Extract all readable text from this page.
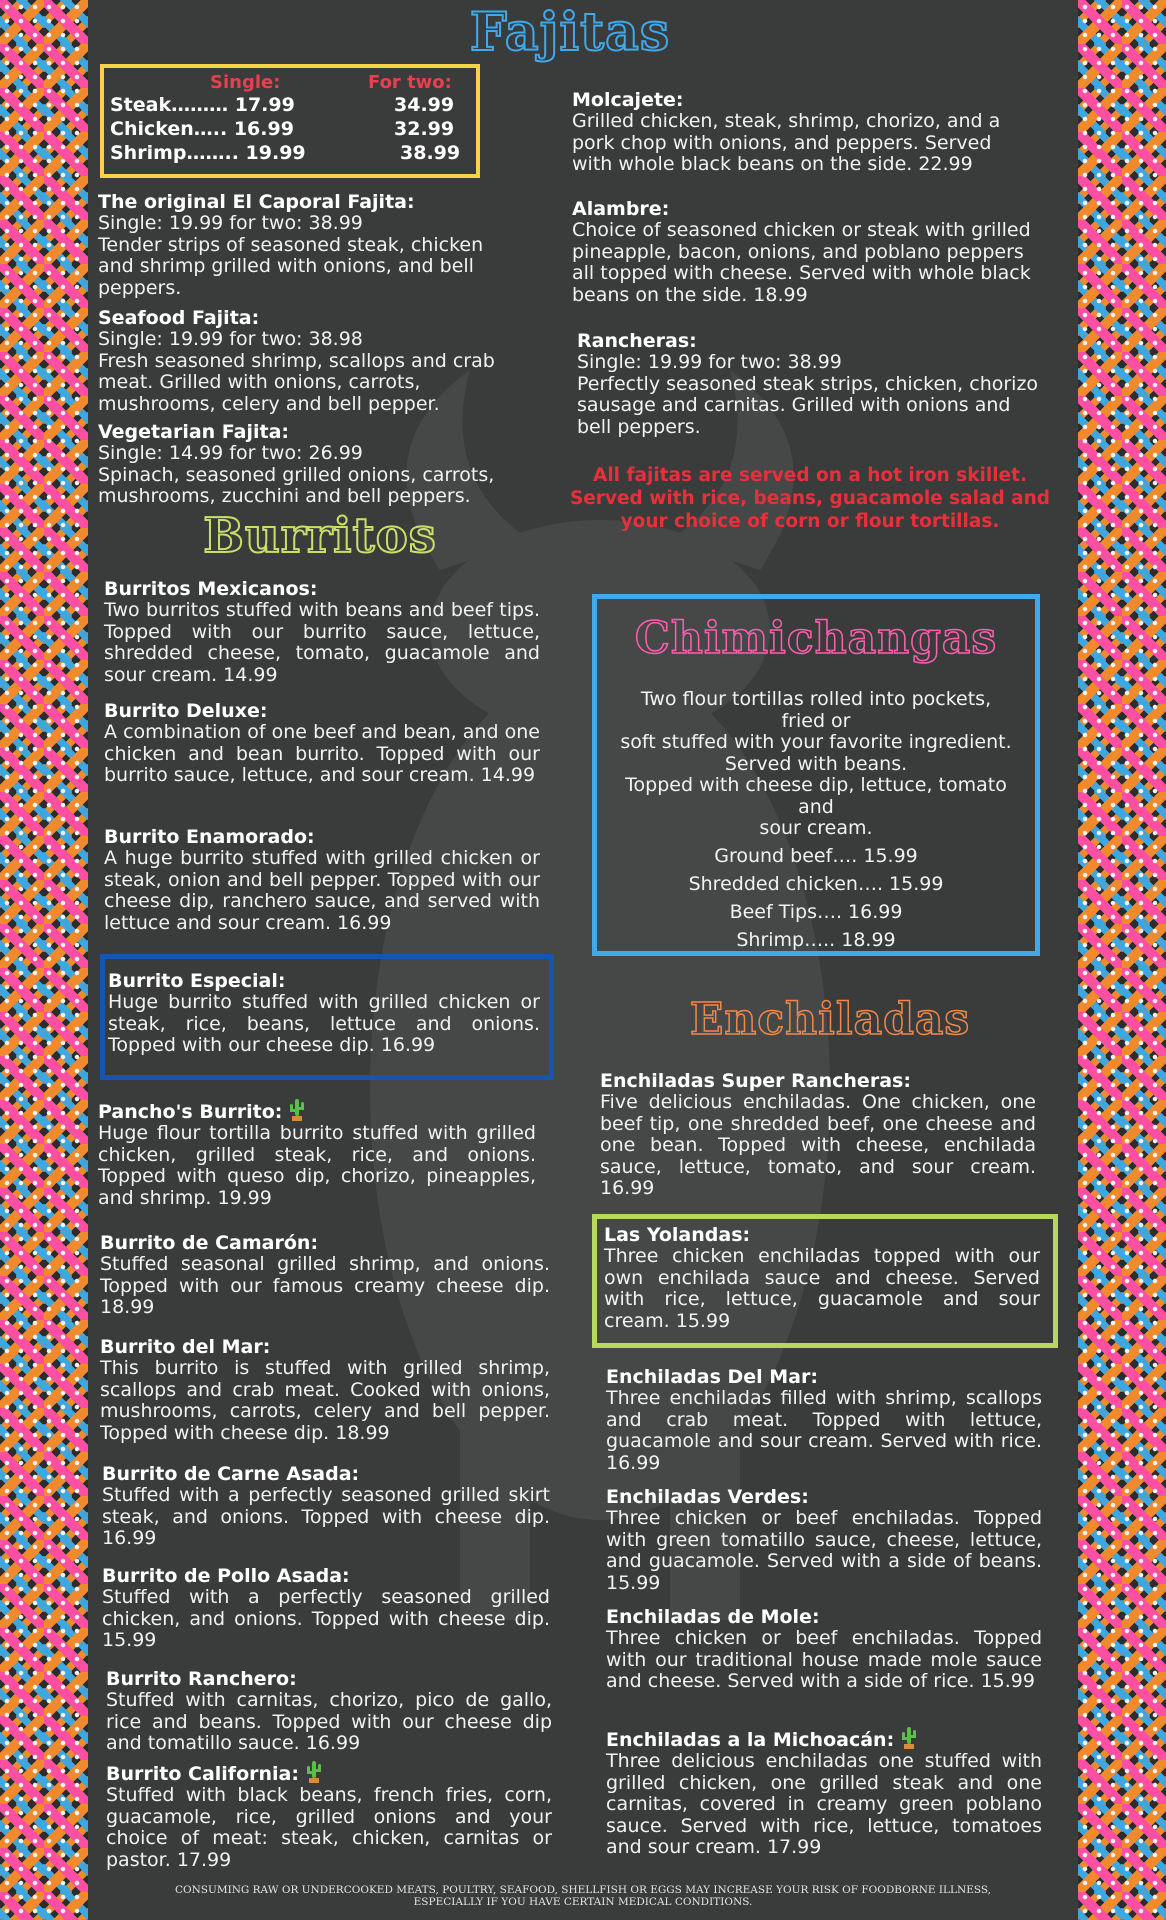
Fajitas
Single:	For two:
Steak……… 17.99	34.99
Chicken….. 16.99	32.99
Shrimp…….. 19.99	38.99
The original El Caporal Fajita:
Single: 19.99 for two: 38.99
Tender strips of seasoned steak, chicken
and shrimp grilled with onions, and bell
peppers.
Seafood Fajita:
Single: 19.99 for two: 38.98
Fresh seasoned shrimp, scallops and crab
meat. Grilled with onions, carrots,
mushrooms, celery and bell pepper.
Vegetarian Fajita:
Single: 14.99 for two: 26.99
Spinach, seasoned grilled onions, carrots,
mushrooms, zucchini and bell peppers.
Molcajete:
Grilled chicken, steak, shrimp, chorizo, and a
pork chop with onions, and peppers. Served
with whole black beans on the side. 22.99
Alambre:
Choice of seasoned chicken or steak with grilled
pineapple, bacon, onions, and poblano peppers
all topped with cheese. Served with whole black
beans on the side. 18.99
Rancheras:
Single: 19.99 for two: 38.99
Perfectly seasoned steak strips, chicken, chorizo
sausage and carnitas. Grilled with onions and
bell peppers.
All fajitas are served on a hot iron skillet.
Served with rice, beans, guacamole salad and
your choice of corn or flour tortillas.
Burritos
Burritos Mexicanos:
Two burritos stuffed with beans and beef tips. Topped with our burrito sauce, lettuce, shredded cheese, tomato, guacamole and sour cream. 14.99
Burrito Deluxe:
A combination of one beef and bean, and one chicken and bean burrito. Topped with our burrito sauce, lettuce, and sour cream. 14.99
Burrito Enamorado:
A huge burrito stuffed with grilled chicken or steak, onion and bell pepper. Topped with our cheese dip, ranchero sauce, and served with lettuce and sour cream. 16.99
Burrito Especial:
Huge burrito stuffed with grilled chicken or steak, rice, beans, lettuce and onions. Topped with our cheese dip. 16.99
Pancho's Burrito:
Huge flour tortilla burrito stuffed with grilled chicken, grilled steak, rice, and onions. Topped with queso dip, chorizo, pineapples, and shrimp. 19.99
Burrito de Camarón:
Stuffed seasonal grilled shrimp, and onions. Topped with our famous creamy cheese dip. 18.99
Burrito del Mar:
This burrito is stuffed with grilled shrimp, scallops and crab meat. Cooked with onions, mushrooms, carrots, celery and bell pepper. Topped with cheese dip. 18.99
Burrito de Carne Asada:
Stuffed with a perfectly seasoned grilled skirt steak, and onions. Topped with cheese dip. 16.99
Burrito de Pollo Asada:
Stuffed with a perfectly seasoned grilled chicken, and onions. Topped with cheese dip. 15.99
Burrito Ranchero:
Stuffed with carnitas, chorizo, pico de gallo, rice and beans. Topped with our cheese dip and tomatillo sauce. 16.99
Burrito California:
Stuffed with black beans, french fries, corn, guacamole, rice, grilled onions and your choice of meat: steak, chicken, carnitas or pastor. 17.99
Chimichangas
Two flour tortillas rolled into pockets,
fried or
soft stuffed with your favorite ingredient.
Served with beans.
Topped with cheese dip, lettuce, tomato
and
sour cream.
Ground beef…. 15.99
Shredded chicken…. 15.99
Beef Tips…. 16.99
Shrimp….. 18.99
Enchiladas
Enchiladas Super Rancheras:
Five delicious enchiladas. One chicken, one beef tip, one shredded beef, one cheese and one bean. Topped with cheese, enchilada sauce, lettuce, tomato, and sour cream. 16.99
Las Yolandas:
Three chicken enchiladas topped with our own enchilada sauce and cheese. Served with rice, lettuce, guacamole and sour cream. 15.99
Enchiladas Del Mar:
Three enchiladas filled with shrimp, scallops and crab meat. Topped with lettuce, guacamole and sour cream. Served with rice. 16.99
Enchiladas Verdes:
Three chicken or beef enchiladas. Topped with green tomatillo sauce, cheese, lettuce, and guacamole. Served with a side of beans. 15.99
Enchiladas de Mole:
Three chicken or beef enchiladas. Topped with our traditional house made mole sauce and cheese. Served with a side of rice. 15.99
Enchiladas a la Michoacán:
Three delicious enchiladas one stuffed with grilled chicken, one grilled steak and one carnitas, covered in creamy green poblano sauce. Served with rice, lettuce, tomatoes and sour cream. 17.99
CONSUMING RAW OR UNDERCOOKED MEATS, POULTRY, SEAFOOD, SHELLFISH OR EGGS MAY INCREASE YOUR RISK OF FOODBORNE ILLNESS,
ESPECIALLY IF YOU HAVE CERTAIN MEDICAL CONDITIONS.
